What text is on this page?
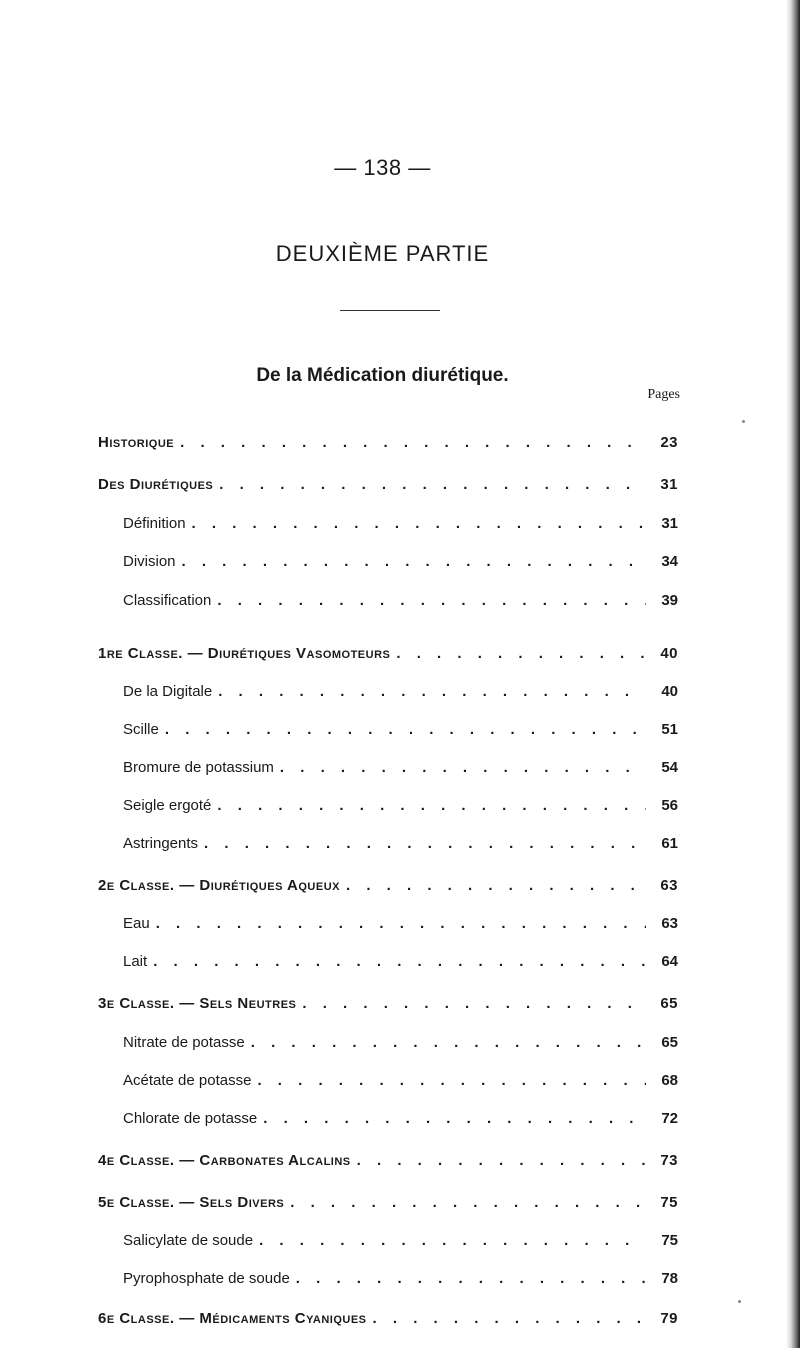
— 138 —
DEUXIÈME PARTIE
De la Médication diurétique.
Pages
Historique . . .	23
Des Diurétiques . . .	31
Définition . . .	31
Division . . .	34
Classification . . .	39
1re Classe. — Diurétiques Vasomoteurs . . .	40
De la Digitale . . .	40
Scille . . .	51
Bromure de potassium . . .	54
Seigle ergoté . . .	56
Astringents . . .	61
2e Classe. — Diurétiques Aqueux . . .	63
Eau . . .	63
Lait . . .	64
3e Classe. — Sels Neutres . . .	65
Nitrate de potasse . . .	65
Acétate de potasse . . .	68
Chlorate de potasse . . .	72
4e Classe. — Carbonates Alcalins . . .	73
5e Classe. — Sels Divers . . .	75
Salicylate de soude . . .	75
Pyrophosphate de soude . . .	78
6e Classe. — Médicaments Cyaniques . . .	79
